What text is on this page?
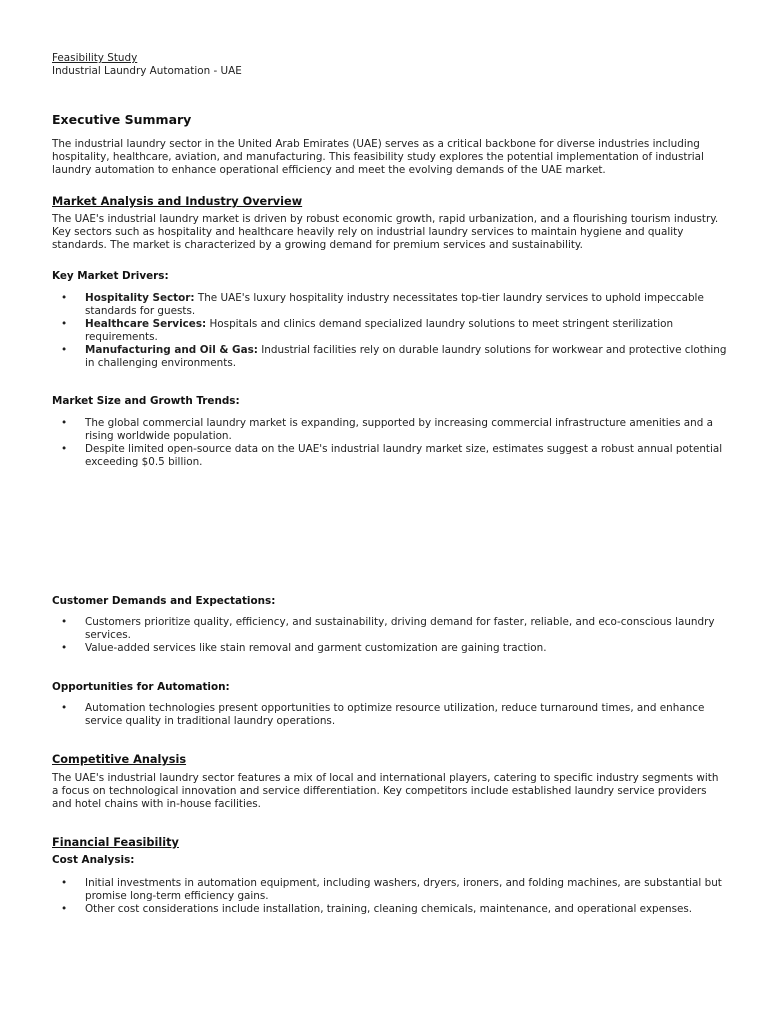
Feasibility Study
Industrial Laundry Automation - UAE
Executive Summary

The industrial laundry sector in the United Arab Emirates (UAE) serves as a critical backbone for diverse industries including hospitality, healthcare, aviation, and manufacturing. This feasibility study explores the potential implementation of industrial laundry automation to enhance operational efficiency and meet the evolving demands of the UAE market.

Market Analysis and Industry Overview

The UAE's industrial laundry market is driven by robust economic growth, rapid urbanization, and a flourishing tourism industry. Key sectors such as hospitality and healthcare heavily rely on industrial laundry services to maintain hygiene and quality standards. The market is characterized by a growing demand for premium services and sustainability.

Key Market Drivers:
• Hospitality Sector: The UAE's luxury hospitality industry necessitates top-tier laundry services to uphold impeccable standards for guests.
• Healthcare Services: Hospitals and clinics demand specialized laundry solutions to meet stringent sterilization requirements.
• Manufacturing and Oil & Gas: Industrial facilities rely on durable laundry solutions for workwear and protective clothing in challenging environments.
Market Size and Growth Trends:
• The global commercial laundry market is expanding, supported by increasing commercial infrastructure amenities and a rising worldwide population.
• Despite limited open-source data on the UAE's industrial laundry market size, estimates suggest a robust annual potential exceeding $0.5 billion.
Customer Demands and Expectations:
• Customers prioritize quality, efficiency, and sustainability, driving demand for faster, reliable, and eco-conscious laundry services.
• Value-added services like stain removal and garment customization are gaining traction.
Opportunities for Automation:
• Automation technologies present opportunities to optimize resource utilization, reduce turnaround times, and enhance service quality in traditional laundry operations.
Competitive Analysis

The UAE's industrial laundry sector features a mix of local and international players, catering to specific industry segments with a focus on technological innovation and service differentiation. Key competitors include established laundry service providers and hotel chains with in-house facilities.

Financial Feasibility
Cost Analysis:
• Initial investments in automation equipment, including washers, dryers, ironers, and folding machines, are substantial but promise long-term efficiency gains.
• Other cost considerations include installation, training, cleaning chemicals, maintenance, and operational expenses.
